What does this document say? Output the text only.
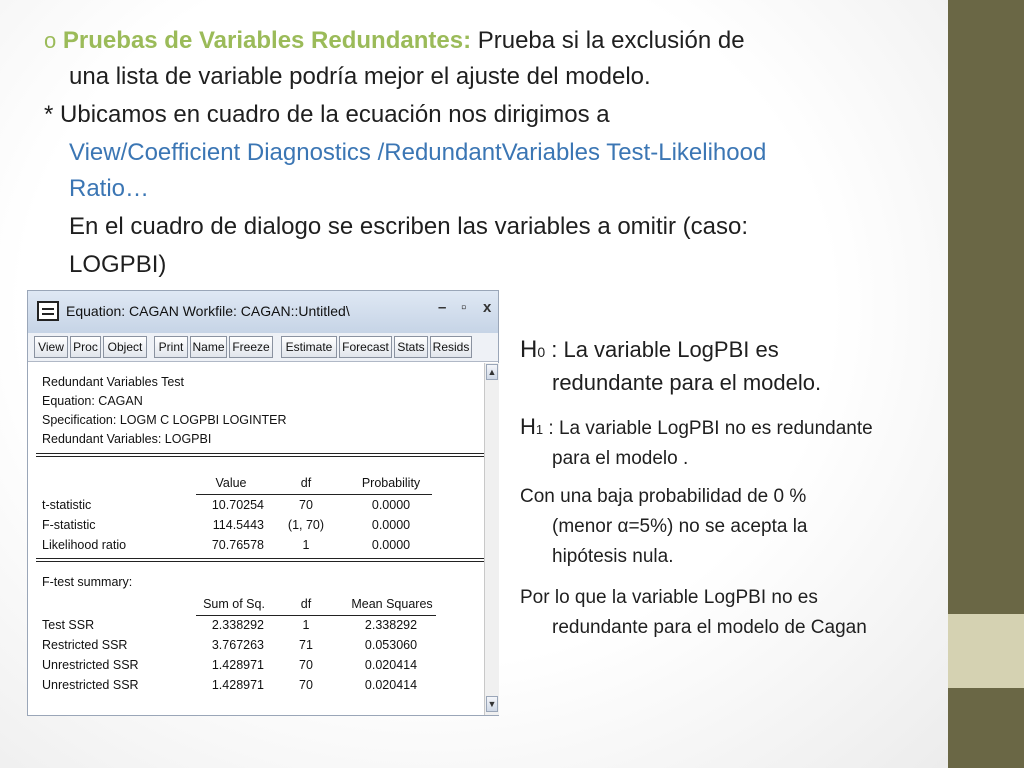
o Pruebas de Variables Redundantes: Prueba si la exclusión de
una lista de variable podría mejor el ajuste del modelo.
* Ubicamos en cuadro de la ecuación nos dirigimos a
View/Coefficient Diagnostics /RedundantVariables Test-Likelihood
Ratio…
En el cuadro de dialogo se escriben las variables a omitir (caso:
LOGPBI)
Equation: CAGAN Workfile: CAGAN::Untitled\	– ▫ x
View Proc Object	Print Name Freeze	Estimate Forecast Stats Resids
Redundant Variables Test
Equation: CAGAN
Specification: LOGM C LOGPBI LOGINTER
Redundant Variables: LOGPBI
Value	df	Probability
t-statistic	10.70254	70	0.0000
F-statistic	114.5443	(1, 70)	0.0000
Likelihood ratio	70.76578	1	0.0000
F-test summary:
Sum of Sq.	df	Mean Squares
Test SSR	2.338292	1	2.338292
Restricted SSR	3.767263	71	0.053060
Unrestricted SSR	1.428971	70	0.020414
Unrestricted SSR	1.428971	70	0.020414
▲
▼
H0 : La variable LogPBI es
redundante para el modelo.
H1 : La variable LogPBI no es redundante
para el modelo .
Con una baja probabilidad de 0 %
(menor α=5%) no se acepta la
hipótesis nula.
Por lo que la variable LogPBI no es
redundante para el modelo de Cagan
